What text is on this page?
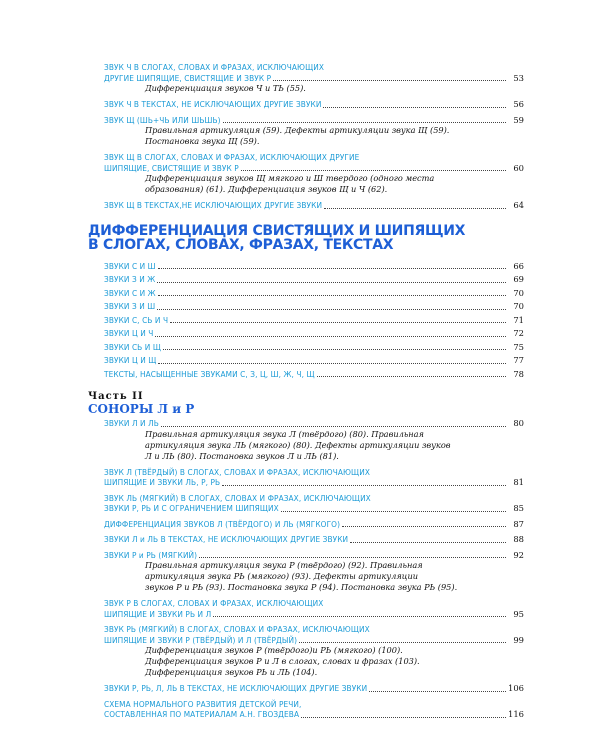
ЗВУК Ч В СЛОГАХ, СЛОВАХ И ФРАЗАХ, ИСКЛЮЧАЮЩИХ
ДРУГИЕ ШИПЯЩИЕ, СВИСТЯЩИЕ И ЗВУК Р	53
Дифференциация звуков Ч и ТЬ (55).
ЗВУК Ч В ТЕКСТАХ, НЕ ИСКЛЮЧАЮЩИХ ДРУГИЕ ЗВУКИ	56
ЗВУК Щ (ШЬ+ЧЬ ИЛИ ШЬШЬ)	59
Правильная артикуляция (59). Дефекты артикуляции звука Щ (59).
Постановка звука Щ (59).
ЗВУК Щ В СЛОГАХ, СЛОВАХ И ФРАЗАХ, ИСКЛЮЧАЮЩИХ ДРУГИЕ
ШИПЯЩИЕ, СВИСТЯЩИЕ И ЗВУК Р	60
Дифференциация звуков Щ мягкого и Ш твердого (одного места
образования) (61). Дифференциация звуков Щ и Ч (62).
ЗВУК Щ В ТЕКСТАХ,НЕ ИСКЛЮЧАЮЩИХ ДРУГИЕ ЗВУКИ	64
ДИФФЕРЕНЦИАЦИЯ СВИСТЯЩИХ И ШИПЯЩИХ
В СЛОГАХ, СЛОВАХ, ФРАЗАХ, ТЕКСТАХ
ЗВУКИ С И Ш	66
ЗВУКИ З И Ж	69
ЗВУКИ С И Ж	70
ЗВУКИ З И Ш	70
ЗВУКИ С, СЬ И Ч	71
ЗВУКИ Ц И Ч	72
ЗВУКИ СЬ И Щ	75
ЗВУКИ Ц И Щ	77
ТЕКСТЫ, НАСЫЩЕННЫЕ ЗВУКАМИ С, З, Ц, Ш, Ж, Ч, Щ	78
Часть II
СОНОРЫ Л и Р
ЗВУКИ Л И ЛЬ	80
Правильная артикуляция звука Л (твёрдого) (80). Правильная
артикуляция звука ЛЬ (мягкого) (80). Дефекты артикуляции звуков
Л и ЛЬ (80). Постановка звуков Л и ЛЬ (81).
ЗВУК Л (ТВЁРДЫЙ) В СЛОГАХ, СЛОВАХ И ФРАЗАХ, ИСКЛЮЧАЮЩИХ
ШИПЯЩИЕ И ЗВУКИ ЛЬ, Р, РЬ	81
ЗВУК ЛЬ (МЯГКИЙ) В СЛОГАХ, СЛОВАХ И ФРАЗАХ, ИСКЛЮЧАЮЩИХ
ЗВУКИ Р, РЬ И С ОГРАНИЧЕНИЕМ ШИПЯЩИХ	85
ДИФФЕРЕНЦИАЦИЯ ЗВУКОВ Л (ТВЁРДОГО) И ЛЬ (МЯГКОГО)	87
ЗВУКИ Л и ЛЬ В ТЕКСТАХ, НЕ ИСКЛЮЧАЮЩИХ ДРУГИЕ ЗВУКИ	88
ЗВУКИ Р и РЬ (МЯГКИЙ)	92
Правильная артикуляция звука Р (твёрдого) (92). Правильная
артикуляция звука РЬ (мягкого) (93). Дефекты артикуляции
звуков Р и РЬ (93). Постановка звука Р (94). Постановка звука РЬ (95).
ЗВУК Р В СЛОГАХ, СЛОВАХ И ФРАЗАХ, ИСКЛЮЧАЮЩИХ
ШИПЯЩИЕ И ЗВУКИ РЬ И Л	95
ЗВУК РЬ (МЯГКИЙ) В СЛОГАХ, СЛОВАХ И ФРАЗАХ, ИСКЛЮЧАЮЩИХ
ШИПЯЩИЕ И ЗВУКИ Р (ТВЁРДЫЙ) И Л (ТВЁРДЫЙ)	99
Дифференциация звуков Р (твёрдого)и РЬ (мягкого) (100).
Дифференциация звуков Р и Л в слогах, словах и фразах (103).
Дифференциация звуков РЬ и ЛЬ (104).
ЗВУКИ Р, РЬ, Л, ЛЬ В ТЕКСТАХ, НЕ ИСКЛЮЧАЮЩИХ ДРУГИЕ ЗВУКИ	106
СХЕМА НОРМАЛЬНОГО РАЗВИТИЯ ДЕТСКОЙ РЕЧИ,
СОСТАВЛЕННАЯ ПО МАТЕРИАЛАМ А.Н. ГВОЗДЕВА	116
